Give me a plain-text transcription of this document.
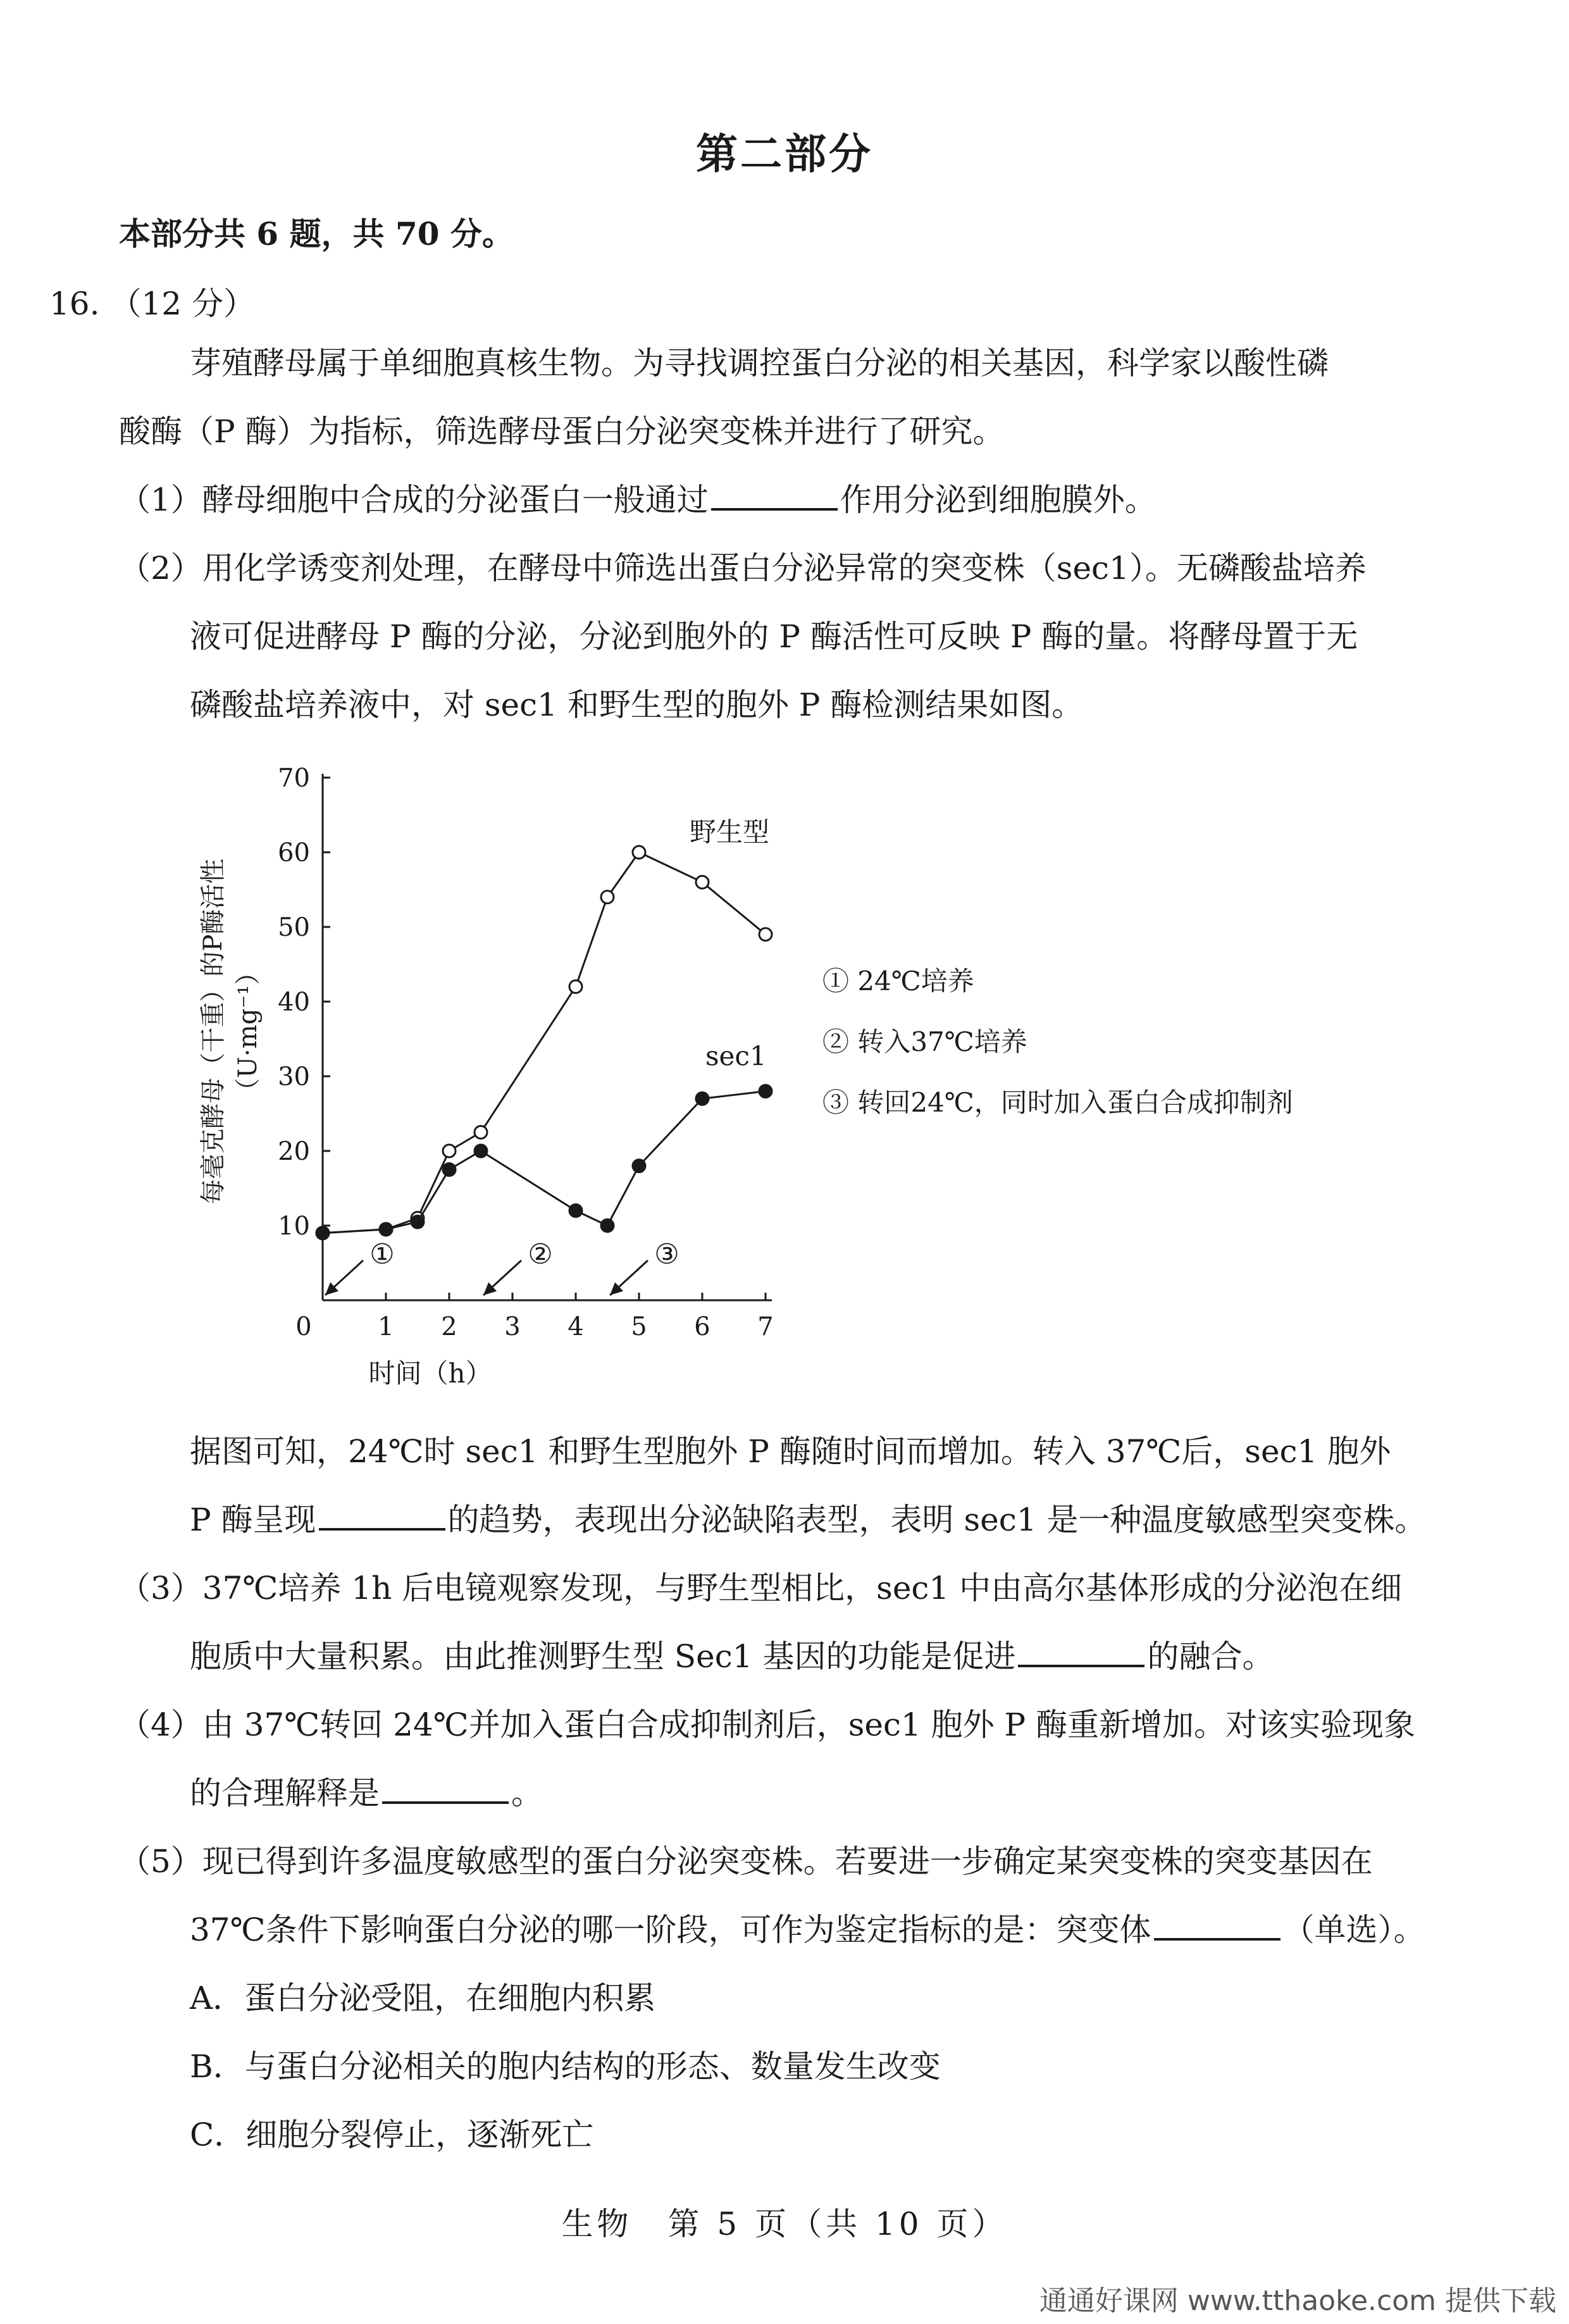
第二部分
本部分共 6 题，共 70 分。
16. （12 分）
芽殖酵母属于单细胞真核生物。为寻找调控蛋白分泌的相关基因，科学家以酸性磷
酸酶（P 酶）为指标，筛选酵母蛋白分泌突变株并进行了研究。
（1）酵母细胞中合成的分泌蛋白一般通过	作用分泌到细胞膜外。
（2）用化学诱变剂处理，在酵母中筛选出蛋白分泌异常的突变株（sec1）。无磷酸盐培养
液可促进酵母 P 酶的分泌，分泌到胞外的 P 酶活性可反映 P 酶的量。将酵母置于无
磷酸盐培养液中，对 sec1 和野生型的胞外 P 酶检测结果如图。
10
20
30
40
50
60
70
0	1 2 3 4 5 6 7
时间（h）
每毫克酵母（干重）的P酶活性 （U·mg⁻¹）
野生型
sec1
①	②	③
① 24℃培养
② 转入37℃培养
③ 转回24℃，同时加入蛋白合成抑制剂
据图可知，24℃时 sec1 和野生型胞外 P 酶随时间而增加。转入 37℃后，sec1 胞外
P 酶呈现	的趋势，表现出分泌缺陷表型，表明 sec1 是一种温度敏感型突变株。
（3）37℃培养 1h 后电镜观察发现，与野生型相比，sec1 中由高尔基体形成的分泌泡在细
胞质中大量积累。由此推测野生型 Sec1 基因的功能是促进	的融合。
（4）由 37℃转回 24℃并加入蛋白合成抑制剂后，sec1 胞外 P 酶重新增加。对该实验现象
的合理解释是	。
（5）现已得到许多温度敏感型的蛋白分泌突变株。若要进一步确定某突变株的突变基因在
37℃条件下影响蛋白分泌的哪一阶段，可作为鉴定指标的是：突变体	（单选）。
A．蛋白分泌受阻，在细胞内积累
B．与蛋白分泌相关的胞内结构的形态、数量发生改变
C．细胞分裂停止，逐渐死亡
生物　第 5 页（共 10 页）
通通好课网 www.tthaoke.com 提供下载
